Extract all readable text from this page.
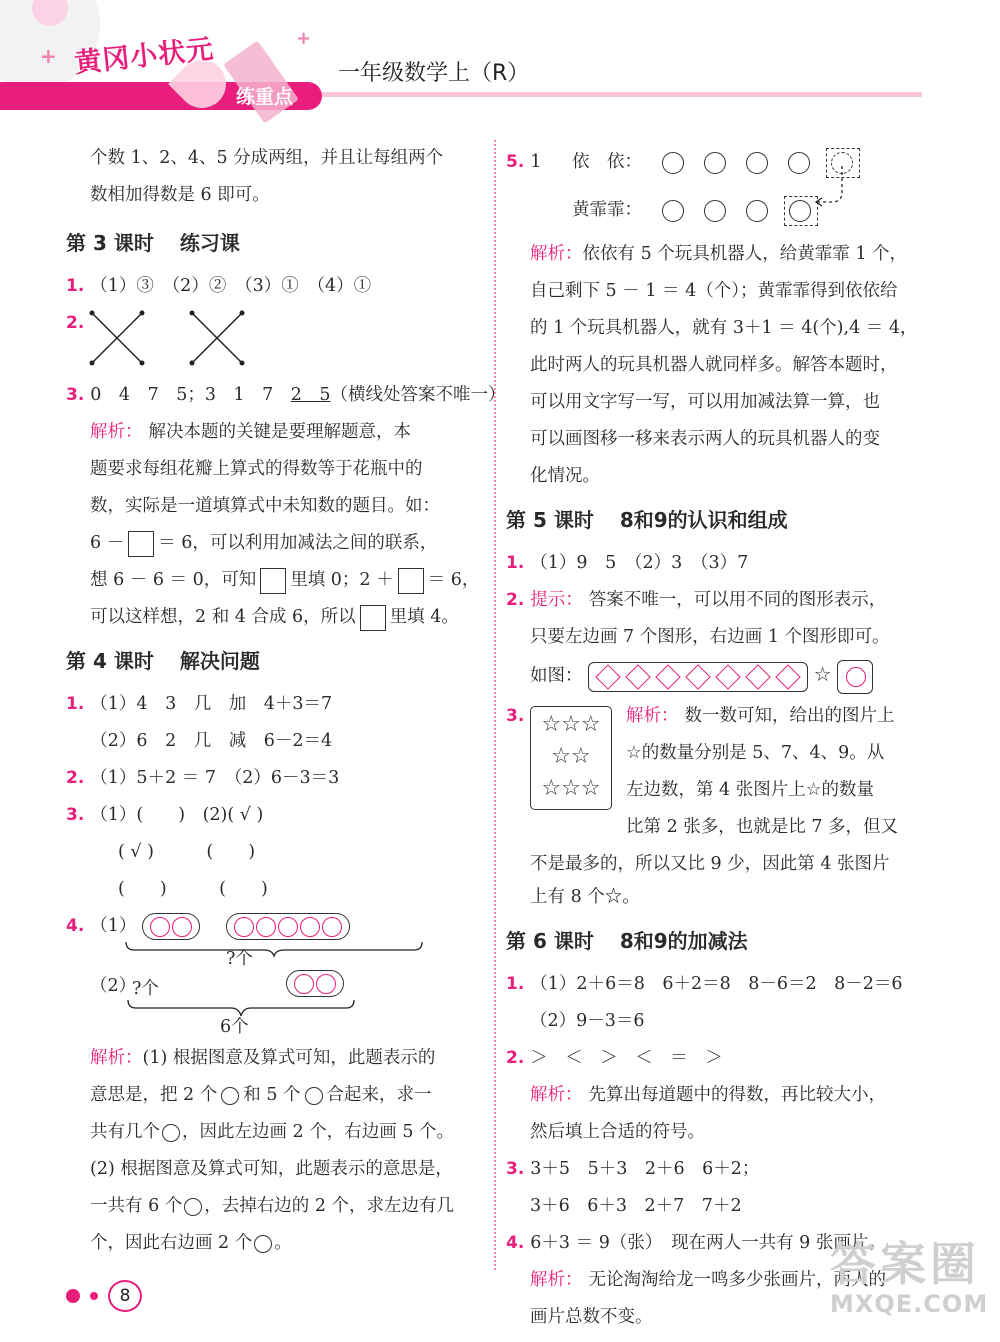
+
+
黄冈小状元
练重点
一年级数学上（R）
个数 1、2、4、5 分成两组，并且让每组两个
数相加得数是 6 即可。
第 3 课时 练习课
1. （1）③　（2）②　（3）①　（4）①
2.
3. 0　4　7　5；3　1　7　2　5（横线处答案不唯一）
解析： 解决本题的关键是要理解题意，本
题要求每组花瓣上算式的得数等于花瓶中的
数，实际是一道填算式中未知数的题目。如：
6 － ＝ 6，可以利用加减法之间的联系，
想 6 － 6 ＝ 0，可知 里填 0；2 ＋ ＝ 6，
可以这样想，2 和 4 合成 6，所以 里填 4。
第 4 课时 解决问题
1. （1）4　3　几　加　4＋3＝7
（2）6　2　几　减　6－2＝4
2. （1）5＋2 ＝ 7　（2）6－3＝3
3. （1）(　　)　(2)( √ )
( √ )　　　(　　)
(　　)　　　(　　)
4. （1）
?个
（2）
?个
6个
解析：(1) 根据图意及算式可知，此题表示的
意思是，把 2 个 和 5 个 合起来，求一
共有几个 ，因此左边画 2 个，右边画 5 个。
(2) 根据图意及算式可知，此题表示的意思是，
一共有 6 个 ，去掉右边的 2 个，求左边有几
个，因此右边画 2 个 。
5. 1 依　依：
黄霏霏：
解析：依依有 5 个玩具机器人，给黄霏霏 1 个，
自己剩下 5 － 1 ＝ 4（个）；黄霏霏得到依依给
的 1 个玩具机器人，就有 3＋1 ＝ 4(个),4 ＝ 4，
此时两人的玩具机器人就同样多。解答本题时，
可以用文字写一写，可以用加减法算一算，也
可以画图移一移来表示两人的玩具机器人的变
化情况。
第 5 课时 8和9的认识和组成
1. （1）9　5　（2）3　（3）7
2. 提示： 答案不唯一，可以用不同的图形表示，
只要左边画 7 个图形，右边画 1 个图形即可。
如图：	☆
3. ☆☆☆
☆☆
☆☆☆
解析： 数一数可知，给出的图片上
☆的数量分别是 5、7、4、9。从
左边数，第 4 张图片上☆的数量
比第 2 张多，也就是比 7 多，但又
不是最多的，所以又比 9 少，因此第 4 张图片
上有 8 个☆。
第 6 课时 8和9的加减法
1. （1）2＋6＝8　6＋2＝8　8－6＝2　8－2＝6
（2）9－3＝6
2. ＞　＜　＞　＜　＝　＞
解析： 先算出每道题中的得数，再比较大小，
然后填上合适的符号。
3. 3＋5　5＋3　2＋6　6＋2；
3＋6　6＋3　2＋7　7＋2
4. 6＋3 ＝ 9（张）　现在两人一共有 9 张画片。
解析： 无论淘淘给龙一鸣多少张画片，两人的
画片总数不变。
8
答案圈
MXQE.COM
